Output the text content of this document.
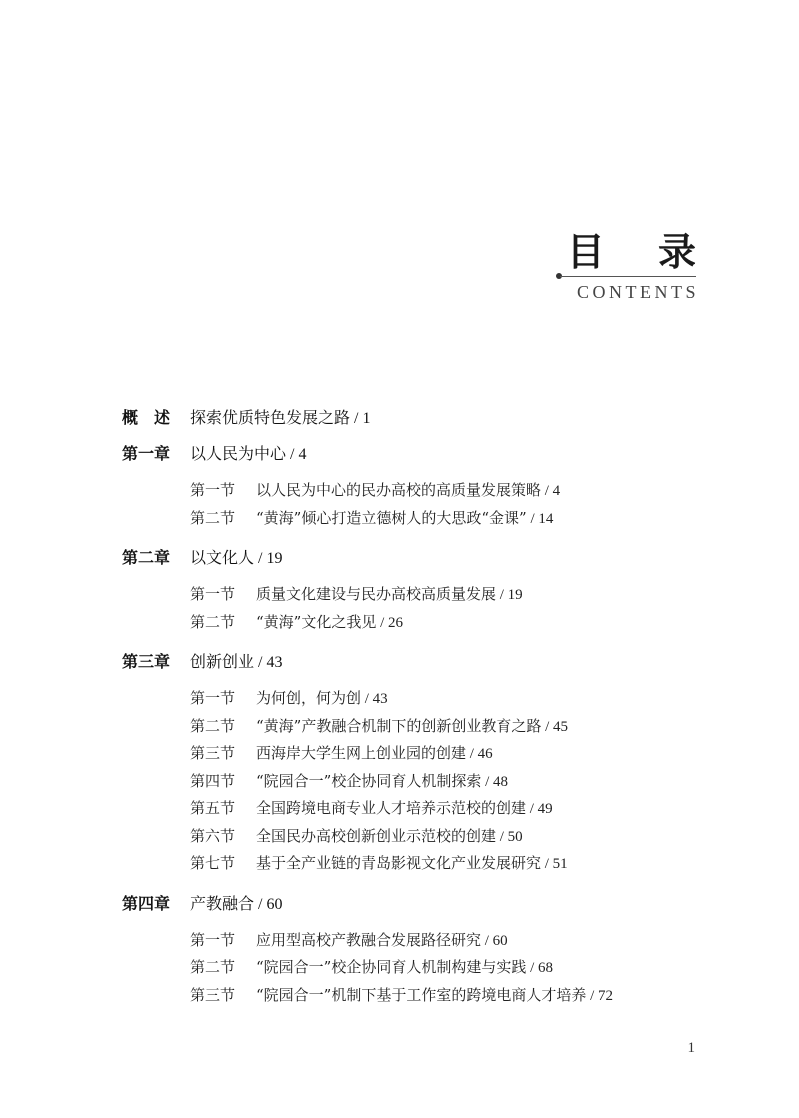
目 录
CONTENTS
概　述 探索优质特色发展之路 / 1
第一章 以人民为中心 / 4
第一节 以人民为中心的民办高校的高质量发展策略 / 4
第二节 “黄海”倾心打造立德树人的大思政“金课” / 14
第二章 以文化人 / 19
第一节 质量文化建设与民办高校高质量发展 / 19
第二节 “黄海”文化之我见 / 26
第三章 创新创业 / 43
第一节 为何创，何为创 / 43
第二节 “黄海”产教融合机制下的创新创业教育之路 / 45
第三节 西海岸大学生网上创业园的创建 / 46
第四节 “院园合一”校企协同育人机制探索 / 48
第五节 全国跨境电商专业人才培养示范校的创建 / 49
第六节 全国民办高校创新创业示范校的创建 / 50
第七节 基于全产业链的青岛影视文化产业发展研究 / 51
第四章 产教融合 / 60
第一节 应用型高校产教融合发展路径研究 / 60
第二节 “院园合一”校企协同育人机制构建与实践 / 68
第三节 “院园合一”机制下基于工作室的跨境电商人才培养 / 72
1
